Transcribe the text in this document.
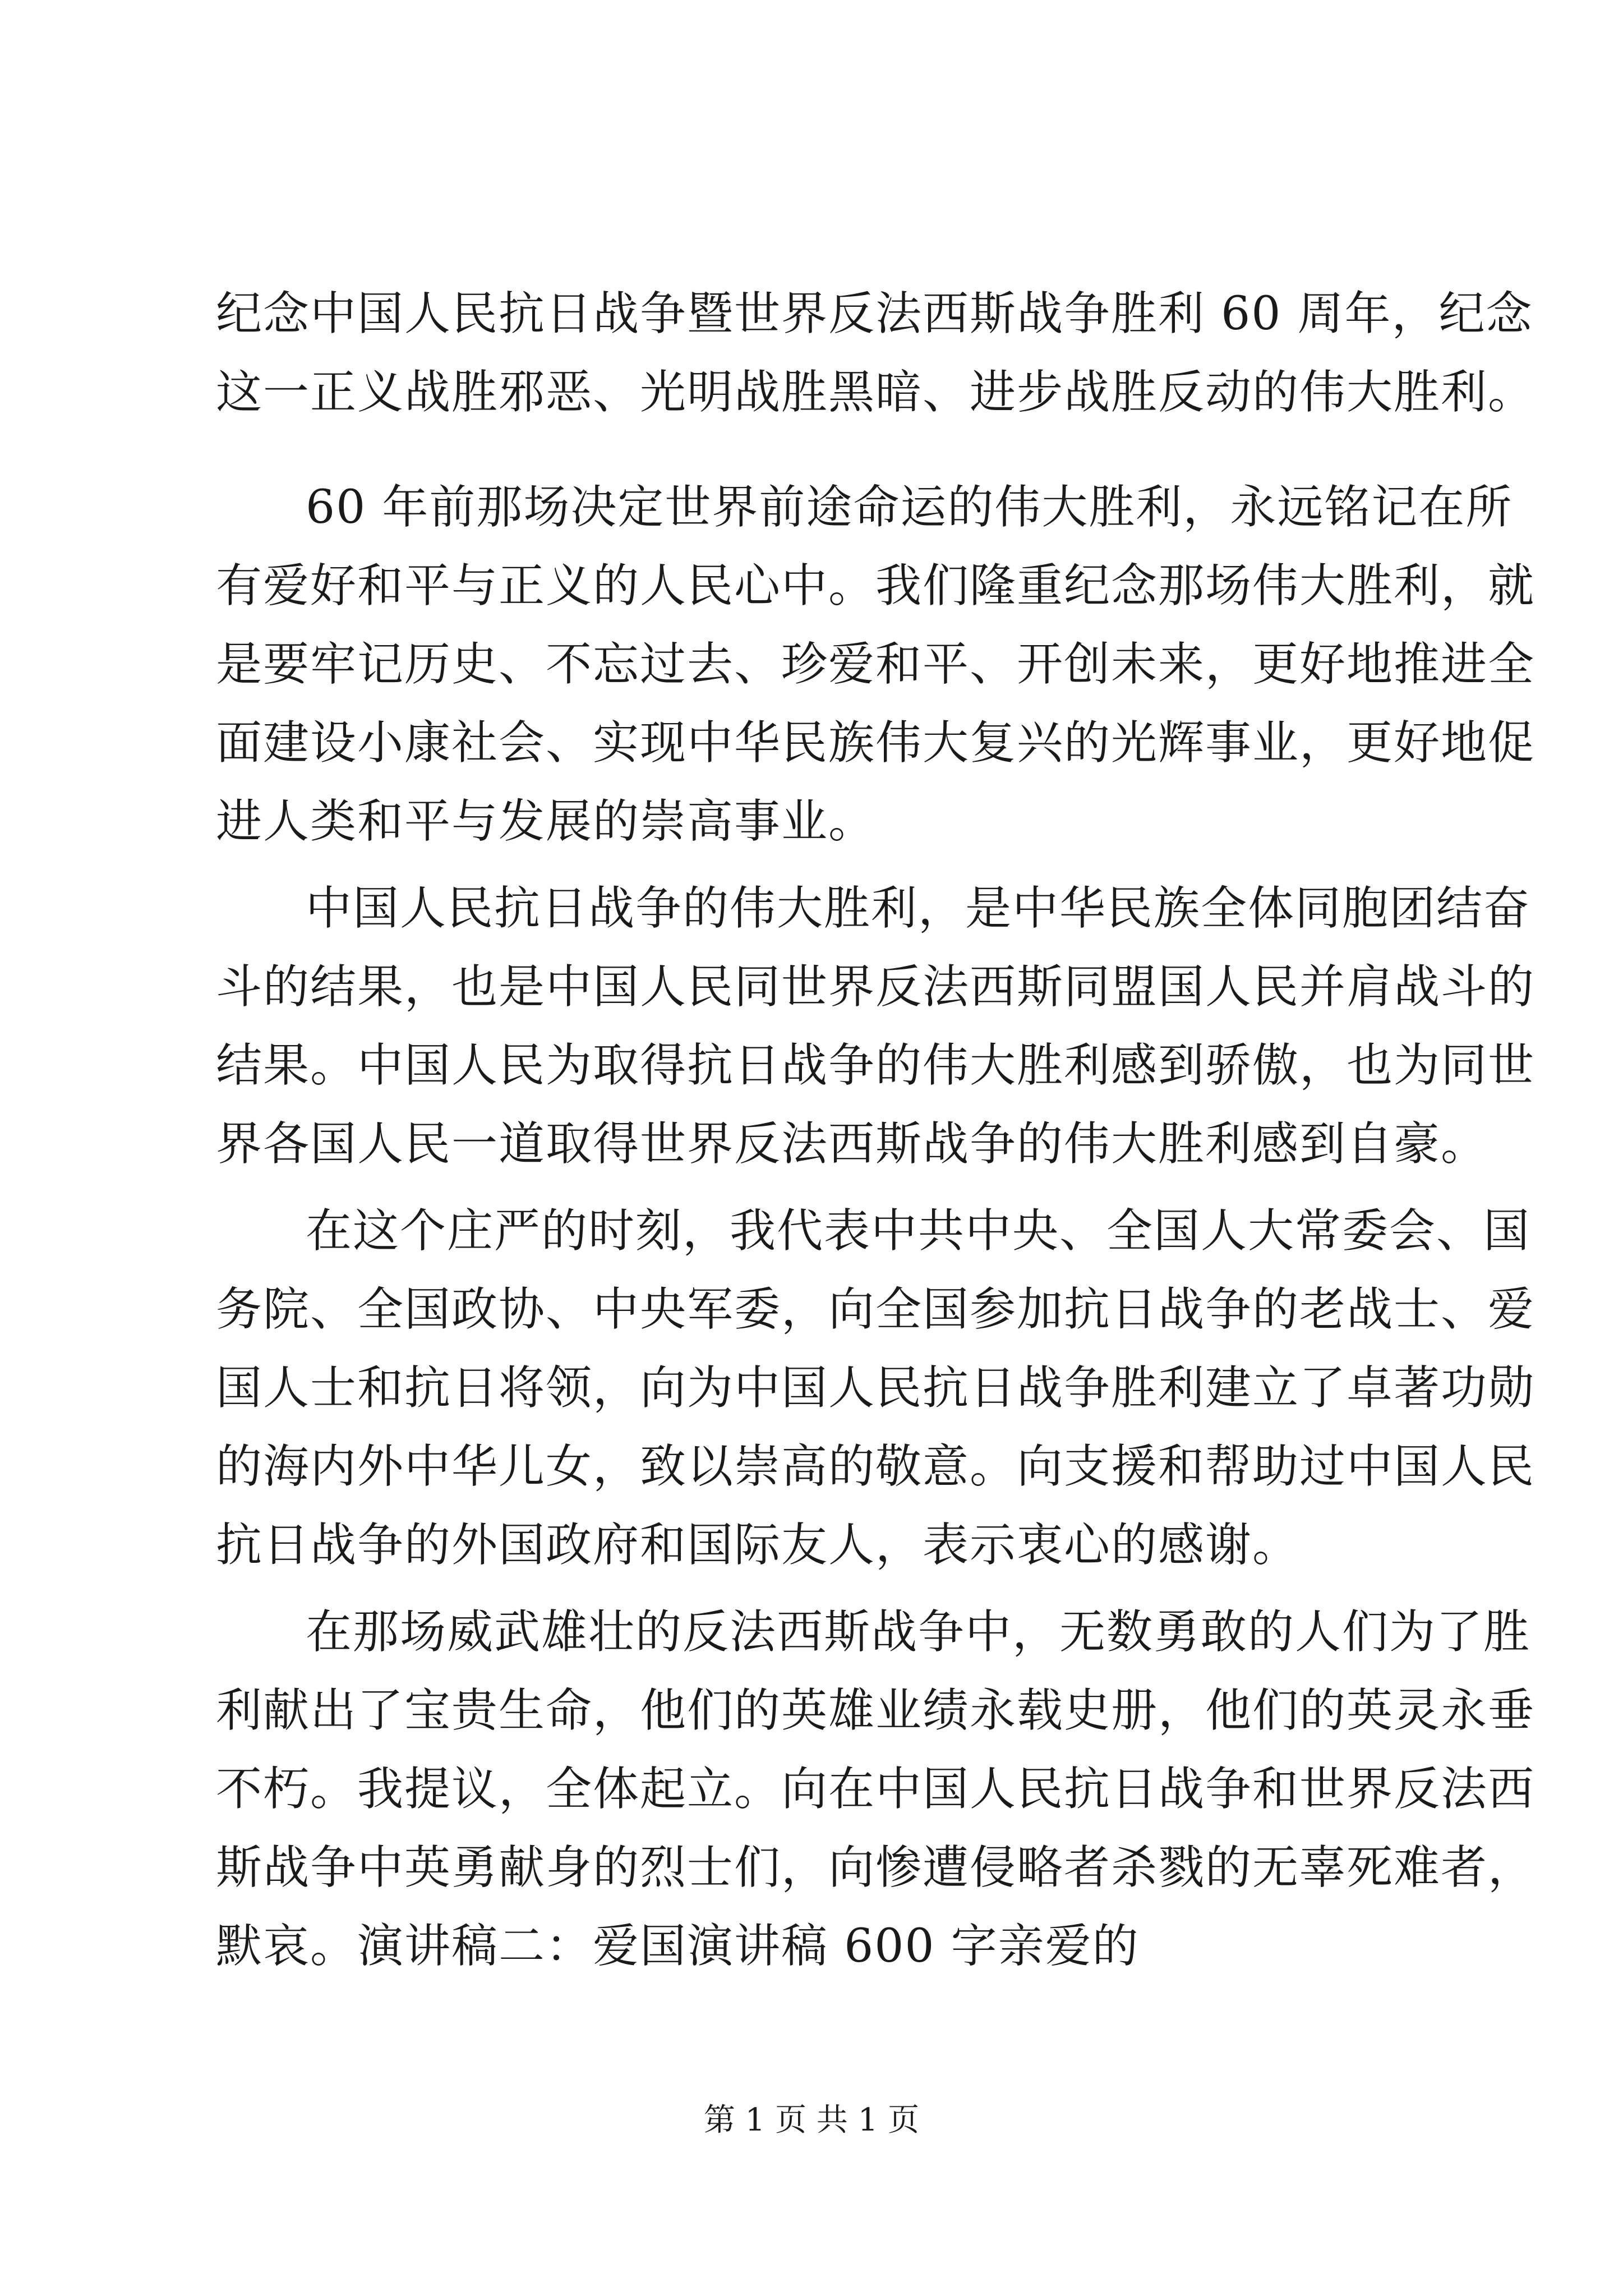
纪念中国人民抗日战争暨世界反法西斯战争胜利 60 周年，纪念
这一正义战胜邪恶、光明战胜黑暗、进步战胜反动的伟大胜利。
60 年前那场决定世界前途命运的伟大胜利，永远铭记在所
有爱好和平与正义的人民心中。我们隆重纪念那场伟大胜利，就
是要牢记历史、不忘过去、珍爱和平、开创未来，更好地推进全
面建设小康社会、实现中华民族伟大复兴的光辉事业，更好地促
进人类和平与发展的崇高事业。
中国人民抗日战争的伟大胜利，是中华民族全体同胞团结奋
斗的结果，也是中国人民同世界反法西斯同盟国人民并肩战斗的
结果。中国人民为取得抗日战争的伟大胜利感到骄傲，也为同世
界各国人民一道取得世界反法西斯战争的伟大胜利感到自豪。
在这个庄严的时刻，我代表中共中央、全国人大常委会、国
务院、全国政协、中央军委，向全国参加抗日战争的老战士、爱
国人士和抗日将领，向为中国人民抗日战争胜利建立了卓著功勋
的海内外中华儿女，致以崇高的敬意。向支援和帮助过中国人民
抗日战争的外国政府和国际友人，表示衷心的感谢。
在那场威武雄壮的反法西斯战争中，无数勇敢的人们为了胜
利献出了宝贵生命，他们的英雄业绩永载史册，他们的英灵永垂
不朽。我提议，全体起立。向在中国人民抗日战争和世界反法西
斯战争中英勇献身的烈士们，向惨遭侵略者杀戮的无辜死难者，
默哀。演讲稿二：爱国演讲稿 600 字亲爱的
第 1 页 共 1 页
